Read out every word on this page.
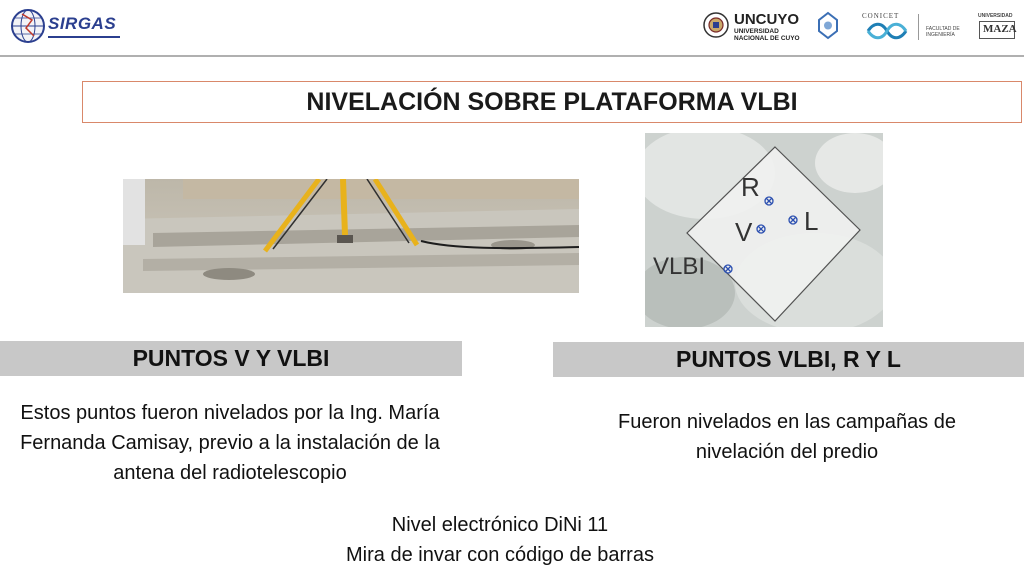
SIRGAS	UNCUYO
UNIVERSIDAD
NACIONAL DE CUYO
CONICET
FACULTAD DE
INGENIERÍA
UNIVERSIDAD
MAZA
NIVELACIÓN SOBRE PLATAFORMA VLBI
R
L
V
VLBI
PUNTOS V Y VLBI
Estos puntos fueron nivelados por la Ing. María Fernanda Camisay, previo a la instalación de la antena del radiotelescopio
PUNTOS VLBI, R Y L
Fueron nivelados en las campañas de nivelación del predio
Nivel electrónico DiNi 11
Mira de invar con código de barras
